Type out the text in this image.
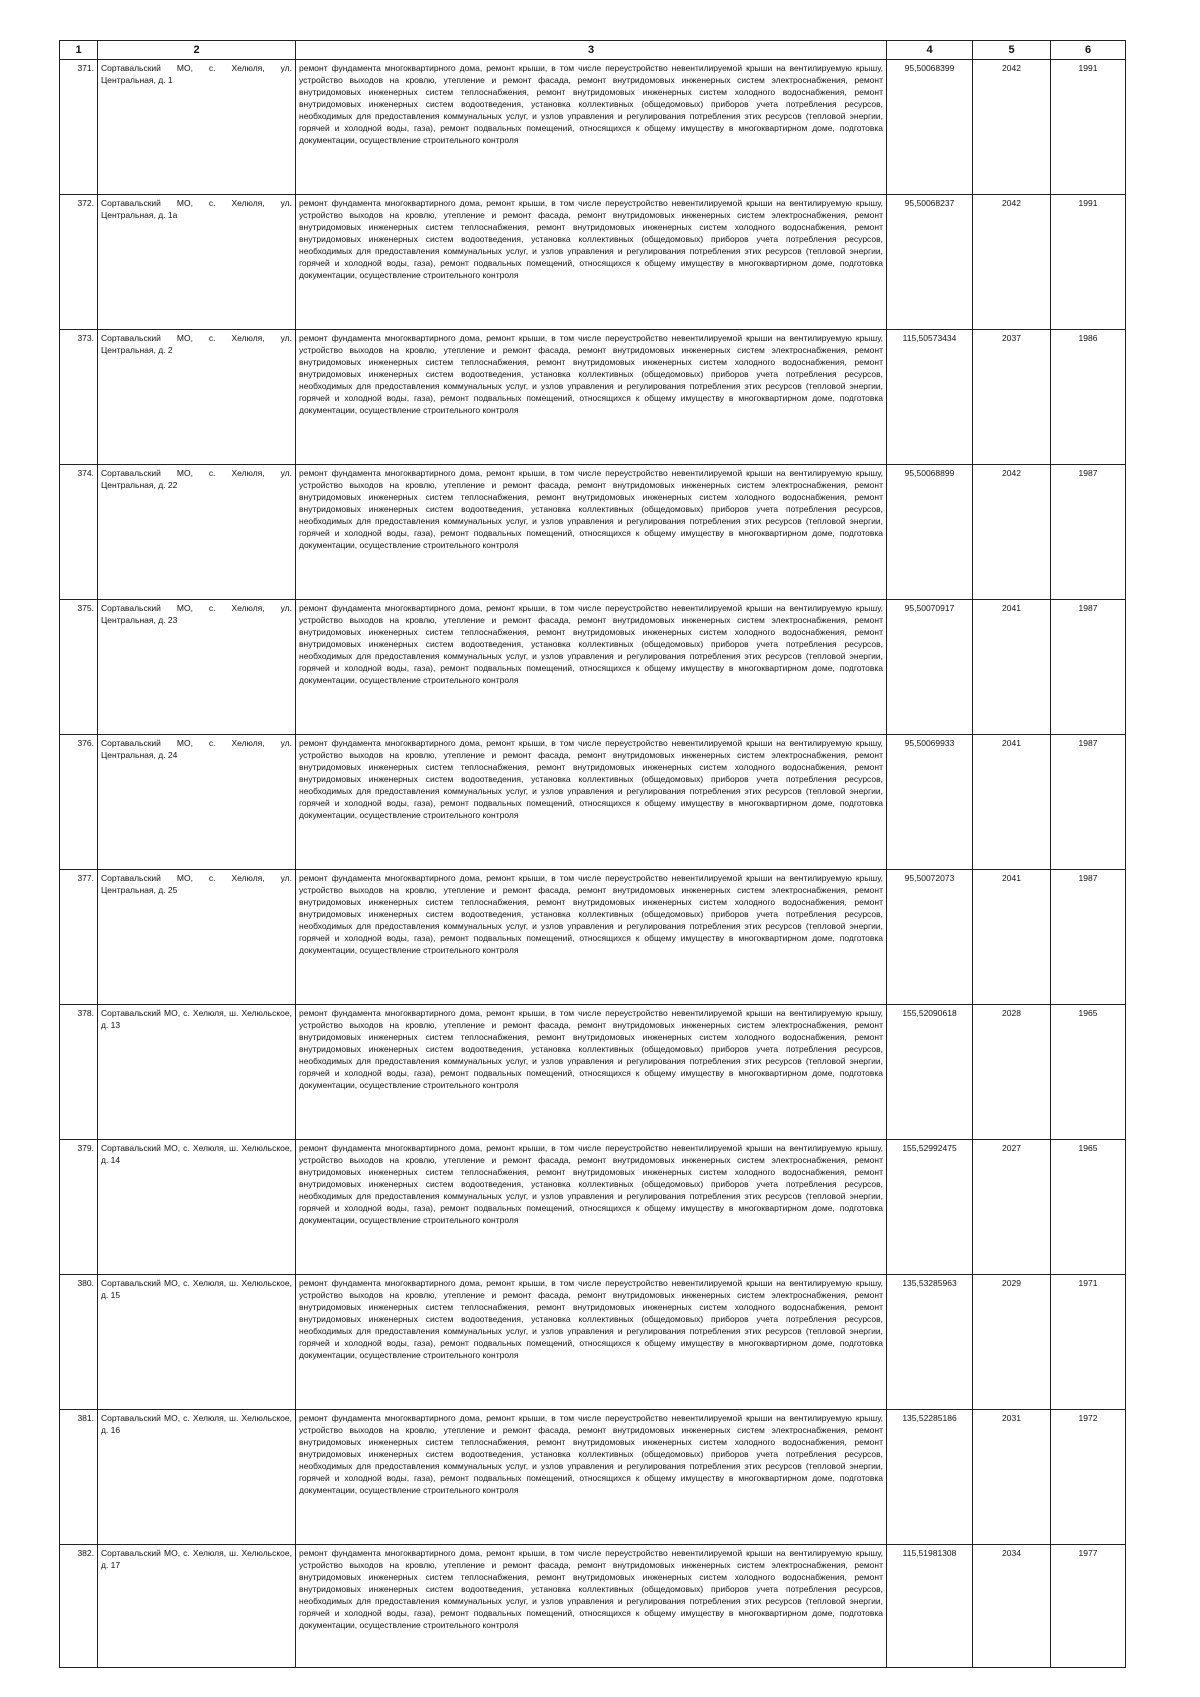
1	2	3	4	5	6
371.	Сортавальский МО, с. Хелюля, ул. Центральная, д. 1	ремонт фундамента многоквартирного дома, ремонт крыши, в том числе переустройство невентилируемой крыши на вентилируемую крышу, устройство выходов на кровлю, утепление и ремонт фасада, ремонт внутридомовых инженерных систем электроснабжения, ремонт внутридомовых инженерных систем теплоснабжения, ремонт внутридомовых инженерных систем холодного водоснабжения, ремонт внутридомовых инженерных систем водоотведения, установка коллективных (общедомовых) приборов учета потребления ресурсов, необходимых для предоставления коммунальных услуг, и узлов управления и регулирования потребления этих ресурсов (тепловой энергии, горячей и холодной воды, газа), ремонт подвальных помещений, относящихся к общему имуществу в многоквартирном доме, подготовка документации, осуществление строительного контроля	95,50068399	2042	1991
372.	Сортавальский МО, с. Хелюля, ул. Центральная, д. 1а	ремонт фундамента многоквартирного дома, ремонт крыши, в том числе переустройство невентилируемой крыши на вентилируемую крышу, устройство выходов на кровлю, утепление и ремонт фасада, ремонт внутридомовых инженерных систем электроснабжения, ремонт внутридомовых инженерных систем теплоснабжения, ремонт внутридомовых инженерных систем холодного водоснабжения, ремонт внутридомовых инженерных систем водоотведения, установка коллективных (общедомовых) приборов учета потребления ресурсов, необходимых для предоставления коммунальных услуг, и узлов управления и регулирования потребления этих ресурсов (тепловой энергии, горячей и холодной воды, газа), ремонт подвальных помещений, относящихся к общему имуществу в многоквартирном доме, подготовка документации, осуществление строительного контроля	95,50068237	2042	1991
373.	Сортавальский МО, с. Хелюля, ул. Центральная, д. 2	ремонт фундамента многоквартирного дома, ремонт крыши, в том числе переустройство невентилируемой крыши на вентилируемую крышу, устройство выходов на кровлю, утепление и ремонт фасада, ремонт внутридомовых инженерных систем электроснабжения, ремонт внутридомовых инженерных систем теплоснабжения, ремонт внутридомовых инженерных систем холодного водоснабжения, ремонт внутридомовых инженерных систем водоотведения, установка коллективных (общедомовых) приборов учета потребления ресурсов, необходимых для предоставления коммунальных услуг, и узлов управления и регулирования потребления этих ресурсов (тепловой энергии, горячей и холодной воды, газа), ремонт подвальных помещений, относящихся к общему имуществу в многоквартирном доме, подготовка документации, осуществление строительного контроля	115,50573434	2037	1986
374.	Сортавальский МО, с. Хелюля, ул. Центральная, д. 22	ремонт фундамента многоквартирного дома, ремонт крыши, в том числе переустройство невентилируемой крыши на вентилируемую крышу, устройство выходов на кровлю, утепление и ремонт фасада, ремонт внутридомовых инженерных систем электроснабжения, ремонт внутридомовых инженерных систем теплоснабжения, ремонт внутридомовых инженерных систем холодного водоснабжения, ремонт внутридомовых инженерных систем водоотведения, установка коллективных (общедомовых) приборов учета потребления ресурсов, необходимых для предоставления коммунальных услуг, и узлов управления и регулирования потребления этих ресурсов (тепловой энергии, горячей и холодной воды, газа), ремонт подвальных помещений, относящихся к общему имуществу в многоквартирном доме, подготовка документации, осуществление строительного контроля	95,50068899	2042	1987
375.	Сортавальский МО, с. Хелюля, ул. Центральная, д. 23	ремонт фундамента многоквартирного дома, ремонт крыши, в том числе переустройство невентилируемой крыши на вентилируемую крышу, устройство выходов на кровлю, утепление и ремонт фасада, ремонт внутридомовых инженерных систем электроснабжения, ремонт внутридомовых инженерных систем теплоснабжения, ремонт внутридомовых инженерных систем холодного водоснабжения, ремонт внутридомовых инженерных систем водоотведения, установка коллективных (общедомовых) приборов учета потребления ресурсов, необходимых для предоставления коммунальных услуг, и узлов управления и регулирования потребления этих ресурсов (тепловой энергии, горячей и холодной воды, газа), ремонт подвальных помещений, относящихся к общему имуществу в многоквартирном доме, подготовка документации, осуществление строительного контроля	95,50070917	2041	1987
376.	Сортавальский МО, с. Хелюля, ул. Центральная, д. 24	ремонт фундамента многоквартирного дома, ремонт крыши, в том числе переустройство невентилируемой крыши на вентилируемую крышу, устройство выходов на кровлю, утепление и ремонт фасада, ремонт внутридомовых инженерных систем электроснабжения, ремонт внутридомовых инженерных систем теплоснабжения, ремонт внутридомовых инженерных систем холодного водоснабжения, ремонт внутридомовых инженерных систем водоотведения, установка коллективных (общедомовых) приборов учета потребления ресурсов, необходимых для предоставления коммунальных услуг, и узлов управления и регулирования потребления этих ресурсов (тепловой энергии, горячей и холодной воды, газа), ремонт подвальных помещений, относящихся к общему имуществу в многоквартирном доме, подготовка документации, осуществление строительного контроля	95,50069933	2041	1987
377.	Сортавальский МО, с. Хелюля, ул. Центральная, д. 25	ремонт фундамента многоквартирного дома, ремонт крыши, в том числе переустройство невентилируемой крыши на вентилируемую крышу, устройство выходов на кровлю, утепление и ремонт фасада, ремонт внутридомовых инженерных систем электроснабжения, ремонт внутридомовых инженерных систем теплоснабжения, ремонт внутридомовых инженерных систем холодного водоснабжения, ремонт внутридомовых инженерных систем водоотведения, установка коллективных (общедомовых) приборов учета потребления ресурсов, необходимых для предоставления коммунальных услуг, и узлов управления и регулирования потребления этих ресурсов (тепловой энергии, горячей и холодной воды, газа), ремонт подвальных помещений, относящихся к общему имуществу в многоквартирном доме, подготовка документации, осуществление строительного контроля	95,50072073	2041	1987
378.	Сортавальский МО, с. Хелюля, ш. Хелюльское, д. 13	ремонт фундамента многоквартирного дома, ремонт крыши, в том числе переустройство невентилируемой крыши на вентилируемую крышу, устройство выходов на кровлю, утепление и ремонт фасада, ремонт внутридомовых инженерных систем электроснабжения, ремонт внутридомовых инженерных систем теплоснабжения, ремонт внутридомовых инженерных систем холодного водоснабжения, ремонт внутридомовых инженерных систем водоотведения, установка коллективных (общедомовых) приборов учета потребления ресурсов, необходимых для предоставления коммунальных услуг, и узлов управления и регулирования потребления этих ресурсов (тепловой энергии, горячей и холодной воды, газа), ремонт подвальных помещений, относящихся к общему имуществу в многоквартирном доме, подготовка документации, осуществление строительного контроля	155,52090618	2028	1965
379.	Сортавальский МО, с. Хелюля, ш. Хелюльское, д. 14	ремонт фундамента многоквартирного дома, ремонт крыши, в том числе переустройство невентилируемой крыши на вентилируемую крышу, устройство выходов на кровлю, утепление и ремонт фасада, ремонт внутридомовых инженерных систем электроснабжения, ремонт внутридомовых инженерных систем теплоснабжения, ремонт внутридомовых инженерных систем холодного водоснабжения, ремонт внутридомовых инженерных систем водоотведения, установка коллективных (общедомовых) приборов учета потребления ресурсов, необходимых для предоставления коммунальных услуг, и узлов управления и регулирования потребления этих ресурсов (тепловой энергии, горячей и холодной воды, газа), ремонт подвальных помещений, относящихся к общему имуществу в многоквартирном доме, подготовка документации, осуществление строительного контроля	155,52992475	2027	1965
380.	Сортавальский МО, с. Хелюля, ш. Хелюльское, д. 15	ремонт фундамента многоквартирного дома, ремонт крыши, в том числе переустройство невентилируемой крыши на вентилируемую крышу, устройство выходов на кровлю, утепление и ремонт фасада, ремонт внутридомовых инженерных систем электроснабжения, ремонт внутридомовых инженерных систем теплоснабжения, ремонт внутридомовых инженерных систем холодного водоснабжения, ремонт внутридомовых инженерных систем водоотведения, установка коллективных (общедомовых) приборов учета потребления ресурсов, необходимых для предоставления коммунальных услуг, и узлов управления и регулирования потребления этих ресурсов (тепловой энергии, горячей и холодной воды, газа), ремонт подвальных помещений, относящихся к общему имуществу в многоквартирном доме, подготовка документации, осуществление строительного контроля	135,53285963	2029	1971
381.	Сортавальский МО, с. Хелюля, ш. Хелюльское, д. 16	ремонт фундамента многоквартирного дома, ремонт крыши, в том числе переустройство невентилируемой крыши на вентилируемую крышу, устройство выходов на кровлю, утепление и ремонт фасада, ремонт внутридомовых инженерных систем электроснабжения, ремонт внутридомовых инженерных систем теплоснабжения, ремонт внутридомовых инженерных систем холодного водоснабжения, ремонт внутридомовых инженерных систем водоотведения, установка коллективных (общедомовых) приборов учета потребления ресурсов, необходимых для предоставления коммунальных услуг, и узлов управления и регулирования потребления этих ресурсов (тепловой энергии, горячей и холодной воды, газа), ремонт подвальных помещений, относящихся к общему имуществу в многоквартирном доме, подготовка документации, осуществление строительного контроля	135,52285186	2031	1972
382.	Сортавальский МО, с. Хелюля, ш. Хелюльское, д. 17	ремонт фундамента многоквартирного дома, ремонт крыши, в том числе переустройство невентилируемой крыши на вентилируемую крышу, устройство выходов на кровлю, утепление и ремонт фасада, ремонт внутридомовых инженерных систем электроснабжения, ремонт внутридомовых инженерных систем теплоснабжения, ремонт внутридомовых инженерных систем холодного водоснабжения, ремонт внутридомовых инженерных систем водоотведения, установка коллективных (общедомовых) приборов учета потребления ресурсов, необходимых для предоставления коммунальных услуг, и узлов управления и регулирования потребления этих ресурсов (тепловой энергии, горячей и холодной воды, газа), ремонт подвальных помещений, относящихся к общему имуществу в многоквартирном доме, подготовка документации, осуществление строительного контроля	115,51981308	2034	1977
